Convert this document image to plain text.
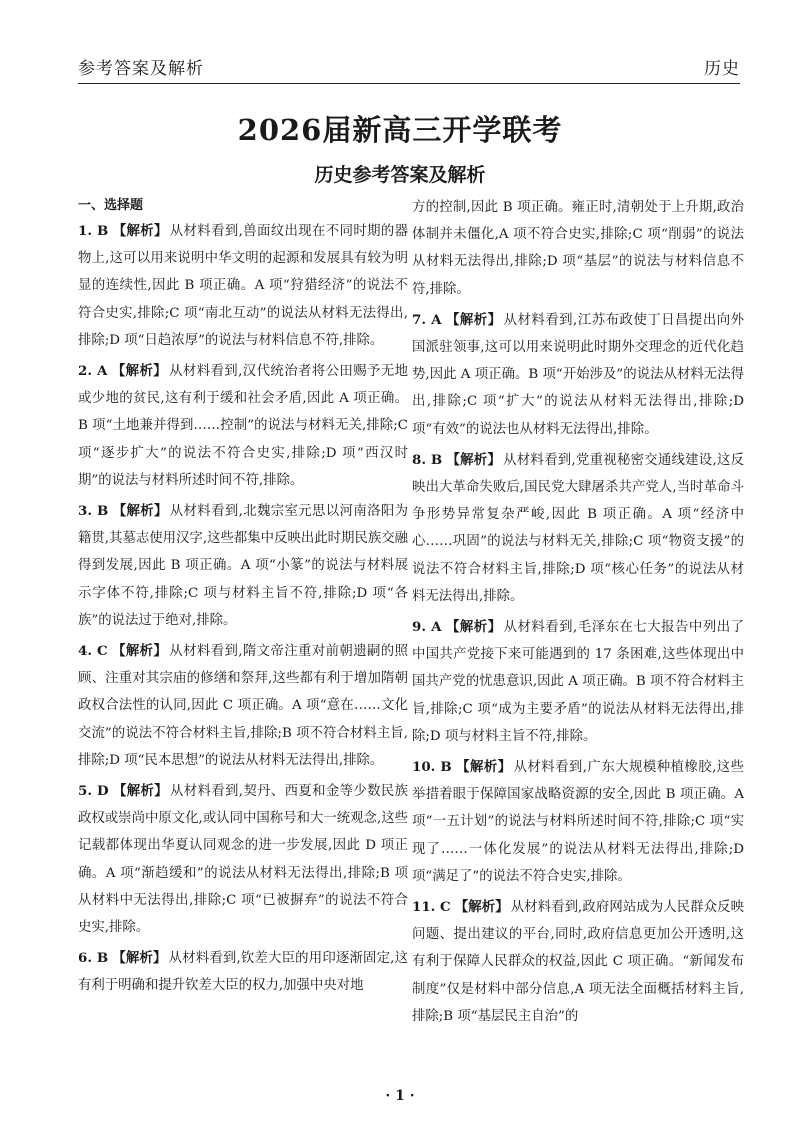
参考答案及解析	历史
2026届新高三开学联考
历史参考答案及解析
一、选择题
1. B 【解析】 从材料看到,兽面纹出现在不同时期的器物上,这可以用来说明中华文明的起源和发展具有较为明显的连续性,因此 B 项正确。A 项“狩猎经济”的说法不符合史实,排除;C 项“南北互动”的说法从材料无法得出,排除;D 项“日趋浓厚”的说法与材料信息不符,排除。
2. A 【解析】 从材料看到,汉代统治者将公田赐予无地或少地的贫民,这有利于缓和社会矛盾,因此 A 项正确。B 项“土地兼并得到……控制”的说法与材料无关,排除;C 项“逐步扩大”的说法不符合史实,排除;D 项“西汉时期”的说法与材料所述时间不符,排除。
3. B 【解析】 从材料看到,北魏宗室元思以河南洛阳为籍贯,其墓志使用汉字,这些都集中反映出此时期民族交融得到发展,因此 B 项正确。A 项“小篆”的说法与材料展示字体不符,排除;C 项与材料主旨不符,排除;D 项“各族”的说法过于绝对,排除。
4. C 【解析】 从材料看到,隋文帝注重对前朝遗嗣的照顾、注重对其宗庙的修缮和祭拜,这些都有利于增加隋朝政权合法性的认同,因此 C 项正确。A 项“意在……文化交流”的说法不符合材料主旨,排除;B 项不符合材料主旨,排除;D 项“民本思想”的说法从材料无法得出,排除。
5. D 【解析】 从材料看到,契丹、西夏和金等少数民族政权或崇尚中原文化,或认同中国称号和大一统观念,这些记载都体现出华夏认同观念的进一步发展,因此 D 项正确。A 项“渐趋缓和”的说法从材料无法得出,排除;B 项从材料中无法得出,排除;C 项“已被摒弃”的说法不符合史实,排除。
6. B 【解析】 从材料看到,钦差大臣的用印逐渐固定,这有利于明确和提升钦差大臣的权力,加强中央对地
方的控制,因此 B 项正确。雍正时,清朝处于上升期,政治体制并未僵化,A 项不符合史实,排除;C 项“削弱”的说法从材料无法得出,排除;D 项“基层”的说法与材料信息不符,排除。
7. A 【解析】 从材料看到,江苏布政使丁日昌提出向外国派驻领事,这可以用来说明此时期外交理念的近代化趋势,因此 A 项正确。B 项“开始涉及”的说法从材料无法得出,排除;C 项“扩大”的说法从材料无法得出,排除;D 项“有效”的说法也从材料无法得出,排除。
8. B 【解析】 从材料看到,党重视秘密交通线建设,这反映出大革命失败后,国民党大肆屠杀共产党人,当时革命斗争形势异常复杂严峻,因此 B 项正确。A 项“经济中心……巩固”的说法与材料无关,排除;C 项“物资支援”的说法不符合材料主旨,排除;D 项“核心任务”的说法从材料无法得出,排除。
9. A 【解析】 从材料看到,毛泽东在七大报告中列出了中国共产党接下来可能遇到的 17 条困难,这些体现出中国共产党的忧患意识,因此 A 项正确。B 项不符合材料主旨,排除;C 项“成为主要矛盾”的说法从材料无法得出,排除;D 项与材料主旨不符,排除。
10. B 【解析】 从材料看到,广东大规模种植橡胶,这些举措着眼于保障国家战略资源的安全,因此 B 项正确。A 项“一五计划”的说法与材料所述时间不符,排除;C 项“实现了……一体化发展”的说法从材料无法得出,排除;D 项“满足了”的说法不符合史实,排除。
11. C 【解析】 从材料看到,政府网站成为人民群众反映问题、提出建议的平台,同时,政府信息更加公开透明,这有利于保障人民群众的权益,因此 C 项正确。“新闻发布制度”仅是材料中部分信息,A 项无法全面概括材料主旨,排除;B 项“基层民主自治”的
· 1 ·
